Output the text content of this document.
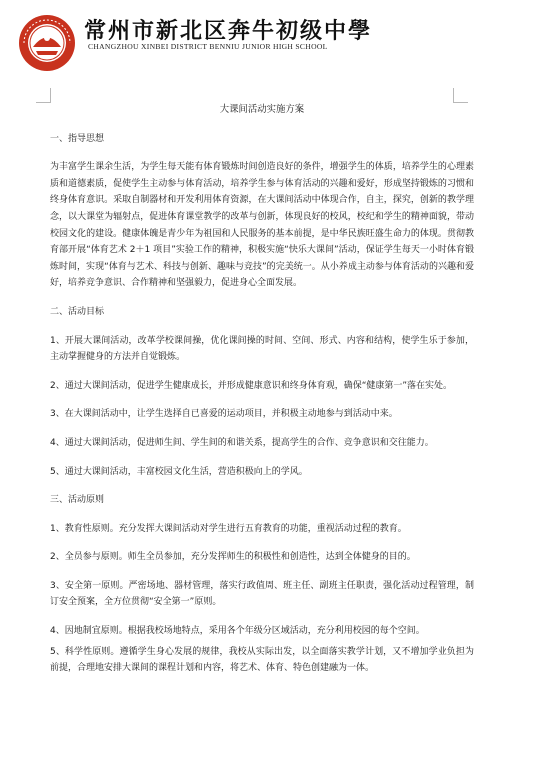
常州市新北区奔牛初级中學
CHANGZHOU XINBEI DISTRICT BENNIU JUNIOR HIGH SCHOOL
大课间活动实施方案
一、指导思想

为丰富学生课余生活，为学生每天能有体育锻炼时间创造良好的条件，增强学生的体质，培养学生的心理素质和道德素质，促使学生主动参与体育活动，培养学生参与体育活动的兴趣和爱好，形成坚持锻炼的习惯和终身体育意识。采取自制器材和开发利用体育资源，在大课间活动中体现合作，自主，探究，创新的教学理念，以大课堂为辐射点，促进体育课堂教学的改革与创新，体现良好的校风，校纪和学生的精神面貌，带动校园文化的建设。健康体魄是青少年为祖国和人民服务的基本前提，是中华民族旺盛生命力的体现。贯彻教育部开展“体育艺术 2＋1 项目”实验工作的精神，积极实施“快乐大课间”活动，保证学生每天一小时体育锻炼时间，实现“体育与艺术、科技与创新、趣味与竞技”的完美统一。从小养成主动参与体育活动的兴趣和爱好，培养竞争意识、合作精神和坚强毅力，促进身心全面发展。

二、活动目标

1、开展大课间活动，改革学校课间操，优化课间操的时间、空间、形式、内容和结构，使学生乐于参加，主动掌握健身的方法并自觉锻炼。

2、通过大课间活动，促进学生健康成长，并形成健康意识和终身体育观，确保“健康第一”落在实处。

3、在大课间活动中，让学生选择自已喜爱的运动项目，并积极主动地参与到活动中来。

4、通过大课间活动，促进师生间、学生间的和谐关系，提高学生的合作、竞争意识和交往能力。

5、通过大课间活动，丰富校园文化生活，营造积极向上的学风。

三、活动原则

1、教育性原则。充分发挥大课间活动对学生进行五育教育的功能，重视活动过程的教育。

2、全员参与原则。师生全员参加，充分发挥师生的积极性和创造性，达到全体健身的目的。

3、安全第一原则。严密场地、器材管理，落实行政值周、班主任、副班主任职责，强化活动过程管理，制订安全预案，全方位贯彻“安全第一”原则。

4、因地制宜原则。根据我校场地特点，采用各个年级分区域活动，充分利用校园的每个空间。

5、科学性原则。遵循学生身心发展的规律，我校从实际出发，以全面落实教学计划，又不增加学业负担为前提，合理地安排大课间的课程计划和内容，将艺术、体育、特色创建融为一体。
